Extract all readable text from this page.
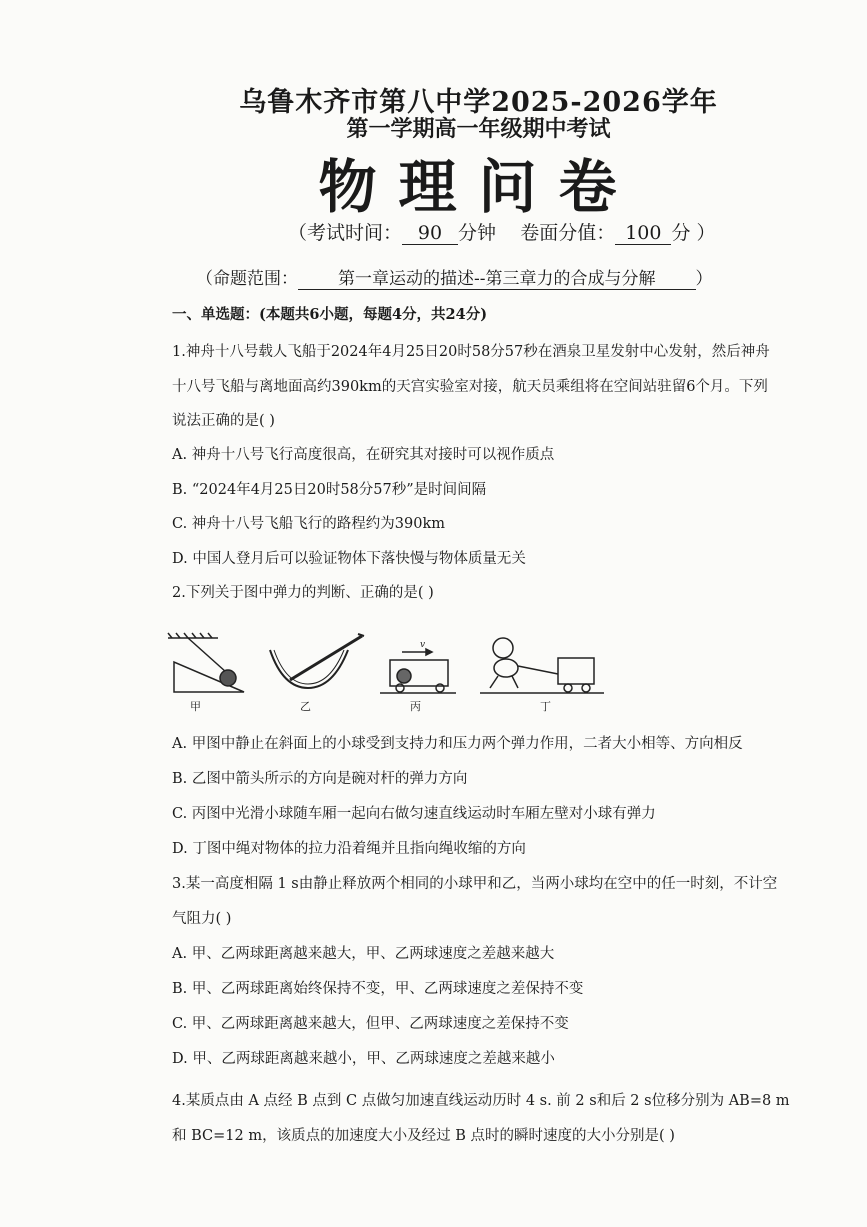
乌鲁木齐市第八中学2025-2026学年
第一学期高一年级期中考试
物理问卷
（考试时间： 90 分钟 卷面分值： 100 分 ）
（命题范围： 第一章运动的描述--第三章力的合成与分解 ）
一、单选题：(本题共6小题，每题4分，共24分)
1.神舟十八号载人飞船于2024年4月25日20时58分57秒在酒泉卫星发射中心发射，然后神舟
十八号飞船与离地面高约390km的天宫实验室对接，航天员乘组将在空间站驻留6个月。下列
说法正确的是( )
A. 神舟十八号飞行高度很高，在研究其对接时可以视作质点
B. “2024年4月25日20时58分57秒”是时间间隔
C. 神舟十八号飞船飞行的路程约为390km
D. 中国人登月后可以验证物体下落快慢与物体质量无关
2.下列关于图中弹力的判断、正确的是( )
v
甲	乙	丙	丁
A. 甲图中静止在斜面上的小球受到支持力和压力两个弹力作用，二者大小相等、方向相反
B. 乙图中箭头所示的方向是碗对杆的弹力方向
C. 丙图中光滑小球随车厢一起向右做匀速直线运动时车厢左壁对小球有弹力
D. 丁图中绳对物体的拉力沿着绳并且指向绳收缩的方向
3.某一高度相隔 1 s由静止释放两个相同的小球甲和乙，当两小球均在空中的任一时刻，不计空
气阻力( )
A. 甲、乙两球距离越来越大，甲、乙两球速度之差越来越大
B. 甲、乙两球距离始终保持不变，甲、乙两球速度之差保持不变
C. 甲、乙两球距离越来越大，但甲、乙两球速度之差保持不变
D. 甲、乙两球距离越来越小，甲、乙两球速度之差越来越小
4.某质点由 A 点经 B 点到 C 点做匀加速直线运动历时 4 s. 前 2 s和后 2 s位移分别为 AB=8 m
和 BC=12 m，该质点的加速度大小及经过 B 点时的瞬时速度的大小分别是( )
